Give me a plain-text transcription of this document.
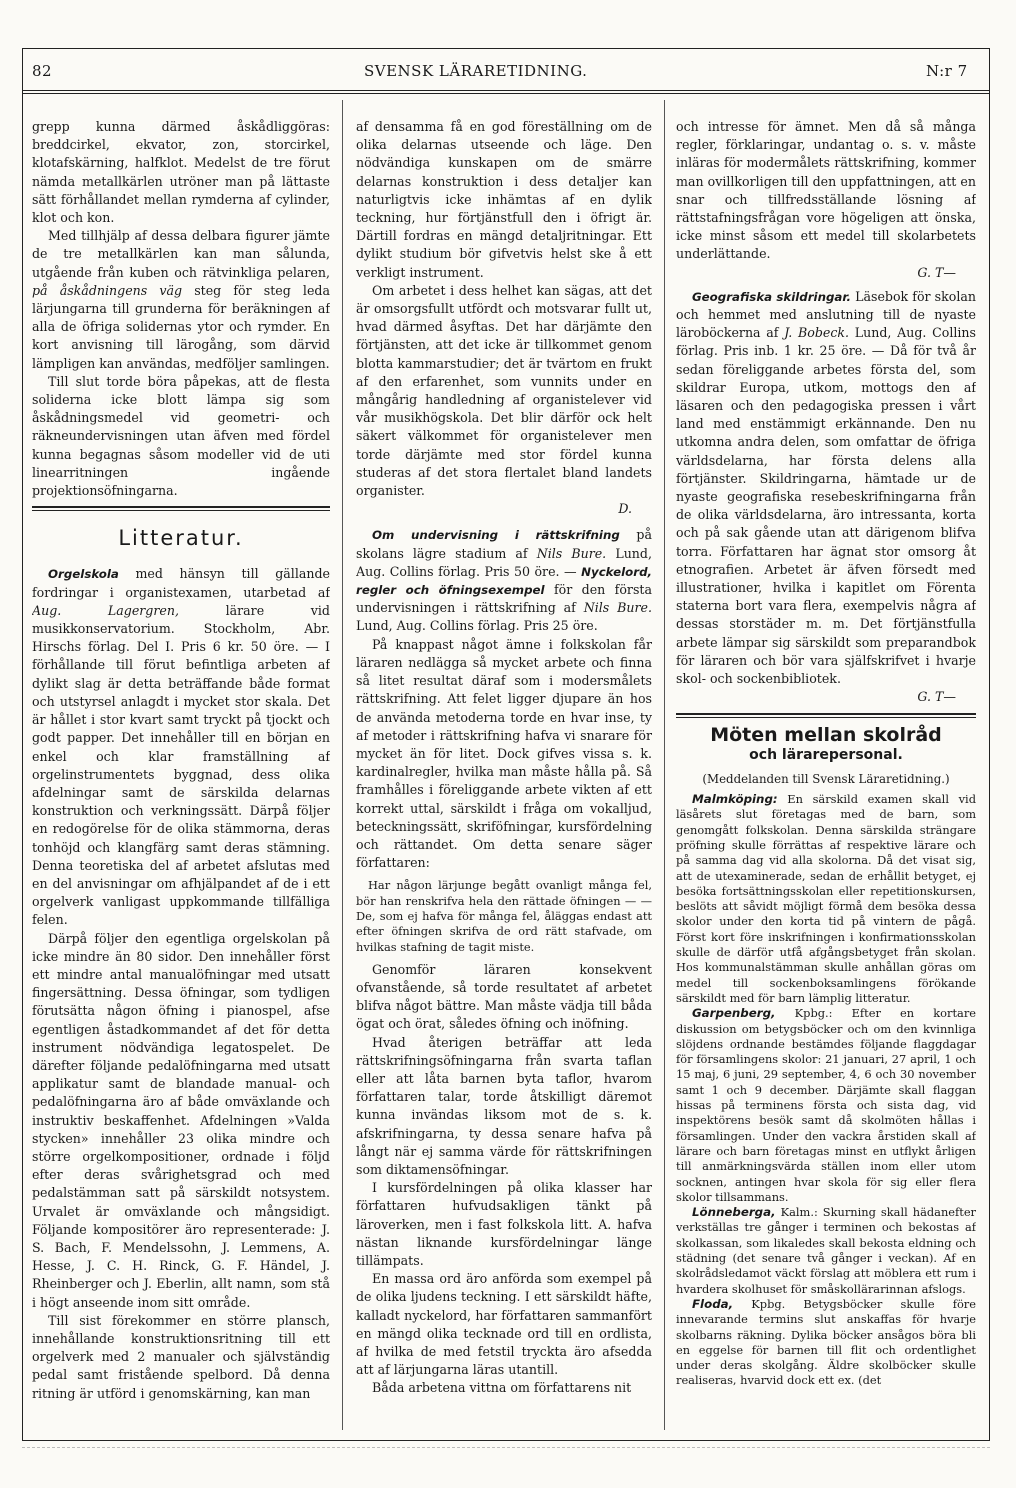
82	SVENSK LÄRARETIDNING.	N:r 7

grepp kunna därmed åskådliggöras: breddcirkel, ekvator, zon, storcirkel, klotafskärning, halfklot. Medelst de tre förut nämda metallkärlen utröner man på lättaste sätt förhållandet mellan rymderna af cylinder, klot och kon.

Med tillhjälp af dessa delbara figurer jämte de tre metallkärlen kan man sålunda, utgående från kuben och rätvinkliga pelaren, på åskådningens väg steg för steg leda lärjungarna till grunderna för beräkningen af alla de öfriga solidernas ytor och rymder. En kort anvisning till lärogång, som därvid lämpligen kan användas, medföljer samlingen.

Till slut torde böra påpekas, att de flesta soliderna icke blott lämpa sig som åskådningsmedel vid geometri- och räkneundervisningen utan äfven med fördel kunna begagnas såsom modeller vid de uti linearritningen ingående projektionsöfningarna.

Litteratur.

Orgelskola med hänsyn till gällande fordringar i organistexamen, utarbetad af Aug. Lagergren,	lärare vid musikkonservatorium. Stockholm, Abr. Hirschs förlag. Del I. Pris 6 kr. 50 öre. — I förhållande till förut befintliga arbeten af dylikt slag är detta beträffande både format och utstyrsel anlagdt i mycket stor skala. Det är hållet i stor kvart samt tryckt på tjockt och godt papper. Det innehåller till en början en enkel och klar framställning af orgelinstrumentets byggnad, dess olika afdelningar samt de särskilda delarnas konstruktion och verkningssätt. Därpå följer en redogörelse för de olika stämmorna, deras tonhöjd och klangfärg samt deras stämning. Denna teoretiska del af arbetet afslutas med en del anvisningar om afhjälpandet af de i ett orgelverk vanligast uppkommande tillfälliga felen.

Därpå följer den egentliga orgelskolan på icke mindre än 80 sidor. Den innehåller först ett mindre antal manualöfningar med utsatt fingersättning. Dessa öfningar, som tydligen förutsätta någon öfning i pianospel, afse egentligen åstadkommandet af det för detta instrument nödvändiga legatospelet. De därefter följande pedalöfningarna med utsatt applikatur samt de blandade manual- och pedalöfningarna äro af både omväxlande och instruktiv beskaffenhet. Afdelningen »Valda stycken» innehåller 23 olika mindre och större orgelkompositioner, ordnade i följd efter deras svårighetsgrad och med pedalstämman satt på särskildt notsystem. Urvalet är omväxlande och mångsidigt. Följande kompositörer äro representerade: J. S. Bach, F. Mendelssohn, J. Lemmens, A. Hesse, J. C. H. Rinck, G. F. Händel, J. Rheinberger och J. Eberlin, allt namn, som stå i högt anseende inom sitt område.

Till sist förekommer en större plansch, innehållande konstruktionsritning till ett orgelverk med 2 manualer och självständig pedal samt fristående spelbord. Då denna ritning är utförd i genomskärning, kan man

af densamma få en god föreställning om de olika delarnas utseende och läge. Den nödvändiga kunskapen om de smärre delarnas konstruktion i dess detaljer kan naturligtvis icke inhämtas af en dylik teckning, hur förtjänstfull den i öfrigt är. Därtill fordras en mängd detaljritningar. Ett dylikt studium bör gifvetvis helst ske å ett verkligt instrument.

Om arbetet i dess helhet kan sägas, att det är omsorgsfullt utfördt och motsvarar fullt ut, hvad därmed åsyftas. Det har därjämte den förtjänsten, att det icke är tillkommet genom blotta kammarstudier; det är tvärtom en frukt af den erfarenhet, som vunnits under en mångårig handledning af organistelever vid vår musikhögskola. Det blir därför ock helt säkert välkommet för organistelever men torde därjämte med stor fördel kunna studeras af det stora flertalet bland landets organister.

D.

Om undervisning i rättskrifning på skolans lägre stadium af Nils Bure. Lund, Aug. Collins förlag. Pris 50 öre. — Nyckelord, regler och öfningsexempel för den första undervisningen i rättskrifning af Nils Bure. Lund, Aug. Collins förlag. Pris 25 öre.

På knappast något ämne i folkskolan får läraren nedlägga så mycket arbete och finna så litet resultat däraf som i modersmålets rättskrifning. Att felet ligger djupare än hos de använda metoderna torde en hvar inse, ty af metoder i rättskrifning hafva vi snarare för mycket än för litet. Dock gifves vissa s. k. kardinalregler, hvilka man måste hålla på. Så framhålles i föreliggande arbete vikten af ett korrekt uttal, särskildt i fråga om vokalljud, beteckningssätt, skriföfningar, kursfördelning och rättandet. Om detta senare säger författaren:

Har någon lärjunge begått ovanligt många fel, bör han renskrifva hela den rättade öfningen — — De, som ej hafva för många fel, åläggas endast att efter öfningen skrifva de ord rätt stafvade, om hvilkas stafning de tagit miste.

Genomför läraren konsekvent ofvanstående, så torde resultatet af arbetet blifva något bättre. Man måste vädja till båda ögat och örat, således öfning och inöfning.

Hvad återigen beträffar att leda rättskrifningsöfningarna från svarta taflan eller att låta barnen byta taflor, hvarom författaren talar, torde åtskilligt däremot kunna invändas liksom mot de s. k. afskrifningarna, ty dessa senare hafva på långt när ej samma värde för rättskrifningen som diktamensöfningar.

I kursfördelningen på olika klasser har författaren hufvudsakligen tänkt på läroverken, men i fast folkskola litt. A. hafva nästan liknande kursfördelningar länge tillämpats.

En massa ord äro anförda som exempel på de olika ljudens teckning. I ett särskildt häfte, kalladt nyckelord, har författaren sammanfört en mängd olika tecknade ord till en ordlista, af hvilka de med fetstil tryckta äro afsedda att af lärjungarna läras utantill.

Båda arbetena vittna om författarens nit

och intresse för ämnet. Men då så många regler, förklaringar, undantag o. s. v. måste inläras för modermålets rättskrifning, kommer man ovillkorligen till den uppfattningen, att en snar och tillfredsställande lösning af rättstafningsfrågan vore högeligen att önska, icke minst såsom ett medel till skolarbetets underlättande.

G. T—

Geografiska skildringar. Läsebok för skolan och hemmet med anslutning till de nyaste läroböckerna af J. Bobeck. Lund, Aug. Collins förlag. Pris inb. 1 kr. 25 öre. — Då för två år sedan föreliggande arbetes första del, som skildrar Europa, utkom, mottogs den af läsaren och den pedagogiska pressen i vårt land med enstämmigt erkännande. Den nu utkomna andra delen, som omfattar de öfriga världsdelarna, har första delens alla förtjänster. Skildringarna, hämtade ur de nyaste geografiska resebeskrifningarna från de olika världsdelarna, äro intressanta, korta och på sak gående utan att därigenom blifva torra. Författaren har ägnat stor omsorg åt etnografien. Arbetet är äfven försedt med illustrationer, hvilka i kapitlet om Förenta staterna bort vara flera, exempelvis några af dessas storstäder m. m. Det förtjänstfulla arbete lämpar sig särskildt som preparandbok för läraren och bör vara själfskrifvet i hvarje skol- och sockenbibliotek.

G. T—
Möten mellan skolråd
och lärarepersonal.
(Meddelanden till Svensk Läraretidning.)

Malmköping: En särskild examen skall vid läsårets slut företagas med de barn, som genomgått folkskolan. Denna särskilda strängare pröfning skulle förrättas af respektive lärare och på samma dag vid alla skolorna. Då det visat sig, att de utexaminerade, sedan de erhållit betyget, ej besöka fortsättningsskolan eller repetitionskursen, beslöts att såvidt möjligt förmå dem besöka dessa skolor under den korta tid på vintern de pågå. Först kort före inskrifningen i konfirmationsskolan skulle de därför utfå afgångsbetyget från skolan. Hos kommunalstämman skulle anhållan göras om medel till sockenboksamlingens förökande särskildt med för barn lämplig litteratur.

Garpenberg, Kpbg.: Efter en kortare diskussion om betygsböcker och om den kvinnliga slöjdens ordnande bestämdes följande flaggdagar för församlingens skolor: 21 januari, 27 april, 1 och 15 maj, 6 juni, 29 september, 4, 6 och 30 november samt 1 och 9 december. Därjämte skall flaggan hissas på terminens första och sista dag, vid inspektörens besök samt då skolmöten hållas i församlingen. Under den vackra årstiden skall af lärare och barn företagas minst en utflykt årligen till anmärkningsvärda ställen inom eller utom socknen, antingen hvar skola för sig eller flera skolor tillsammans.

Lönneberga, Kalm.: Skurning skall hädanefter verkställas tre gånger i terminen och bekostas af skolkassan, som likaledes skall bekosta eldning och städning (det senare två gånger i veckan). Af en skolrådsledamot väckt förslag att möblera ett rum i hvardera skolhuset för småskollärarinnan afslogs.

Floda, Kpbg. Betygsböcker skulle före innevarande termins slut anskaffas för hvarje skolbarns räkning. Dylika böcker ansågos böra bli en eggelse för barnen till flit och ordentlighet under deras skolgång. Äldre skolböcker skulle realiseras, hvarvid dock ett ex. (det
